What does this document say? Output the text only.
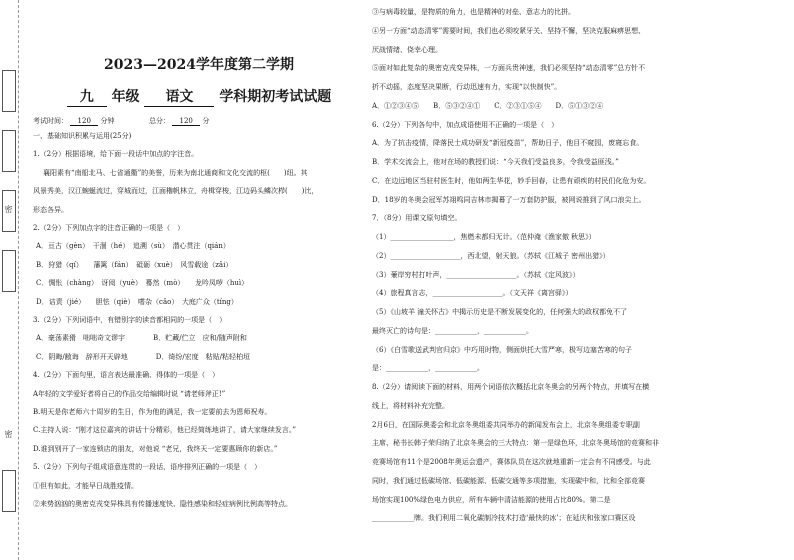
密
密
2023—2024学年度第二学期
九 年级 语文 学科期初考试试题
考试时间： 120 分钟	总分： 120 分
一、基础知识积累与运用(25分)
1.（2分）根据语境，给下面一段话中加点的字注音。
襄阳素有“南船北马、七省通衢”的美誉，历来为南北通商和文化交流的枢(　　)纽。其
风景秀美，汉江蜿蜒流过，穿城而过，江面櫓帆林立，舟楫穿梭，江边码头鳞次栉(　　)比，
形态各异。
2.（2分）下列加点字的注音正确的一项是（　）
A．亘古（gèn）　干涸（hé）　追溯（sù）　潜心贯注（qián）
B．狩猎（qí）　　藩篱（fán）　砥砺（xuè）　风雪载途（zǎi）
C．惆怅（chàng）　讶阅（yuè）　蓦然（mò）　　龙吟凤哕（huì）
D．诘责（jié）　　胆怯（qiè）　嗜杂（cǎo）　大庭广众（tíng）
3.（2分）下列词语中，有错别字的读音都相同的一项是（　）
A．豪荡素猾　咄咄奇文谬宇　　　　B．贮藏/伫立　应和/随声附和
C．阴晦/敝诲　辞形开天辟地　　　　D．绮纷/宏度　粘贴/粘轻柏垣
4.（2分）下面句里，语言表达最准确、得体的一项是（　）
A年轻的文学爱好者将自己的作品交给编辑时说 “请老师斧正!”
B.明天是你老师六十周岁的生日，作为他的满足，我一定要前去为恩师祝寿。
C.主持人说：“刚才这位嘉宾的讲话十分精彩，他已经简练地讲了，请大家继续发言。”
D.谁到别开了一家连锁店的朋友，对他说 “老兄，我终天一定要惠顾你的新店。”
5.（2分）下列句子组成语意连贯的一段话，语序排列正确的一项是（　）
①但有如此，才能早日战胜疫情。
②来势汹汹的奥密克戎变异株具有传播速度快、隐性感染和轻症病例比例高等特点。
③与病毒较量，是物质的角力，也是精神的对垒、意志力的比拼。
④另一方面“动态清零”需要时间，我们也必须咬紧牙关、坚持不懈，坚决克服麻痹思想、
厌战情绪、侥幸心理。
⑤面对如此复杂的奥密克戎变异株，一方面兵贵神速，我们必须坚持“动态清零”总方针不
折不动摇，态度坚决果断，行动迅速有力，实现“以快制快”。
A．①②③④⑤　　B．⑤③②④①　　C．②③①⑤④　　D．⑤①③②④
6.（2分）下列各句中，加点成语使用不正确的一项是（　）
A．为了抗击疫情，降落民士成功研发“新冠疫苗”，帮助日子，他目不窥园，废寝忘食。
B．学术交流会上，他对在场的教授们说：“今天我们受益良多，令我受益匪浅。”
C．在边远地区当驻村医生时，他如两生华花，妙手回春，让患有顽疾的村民们化危为安。
D．18岁的冬奥会冠军苏翊鸣同吉林市揭幕了一万套防护服，被网说推到了风口浪尖上。
7．（8分）用课文原句填空。
（1）__________________，焦燃未都归无计。（范仲淹《渔家傲 秋思》）
（2）____________________，西北望，射天狼。（苏轼《江城子 密州出猎》）
（3）蒹岸穷村打叶声，____________________。（苏轼《定风波》）
（4）旅程真言志，____________________。（文天祥《离宫驿》）
（5）《山坡羊 潼关怀古》中揭示历史是不断发展变化的，任何强大的政权都免不了
最终灭亡的诗句是：____________，____________。
（6）《白雪歌送武判官归京》中巧用时物，侧面烘托大雪严寒，极写边塞苦寒的句子
是：____________，____________。
8.（2分）请阅读下面的材料，用两个词语依次概括北京冬奥会的另两个特点，并填写在横
线上，将材料补充完整。
2月6日，在国际奥委会和北京冬奥组委共同举办的新闻发布会上，北京冬奥组委专职副
主席、秘书长韩子荣归纳了北京冬奥会的三大特点：第一是绿色环，北京冬奥场馆的竞赛和非
竞赛场馆有11个是2008年奥运会遗产，赛体队员在这次就地重新一定会有不同感受。与此
同时，我们通过低碳场馆、低碳能源、低碳交通等多项措施，实现碳中和，比和全部竞赛
场馆实现100%绿色电力供应，所有车辆中清洁能源的使用占比80%。第二是
____________牌。我们利用二氧化碳制冷技术打造‘最快的冰’；在延庆和张家口赛区设
